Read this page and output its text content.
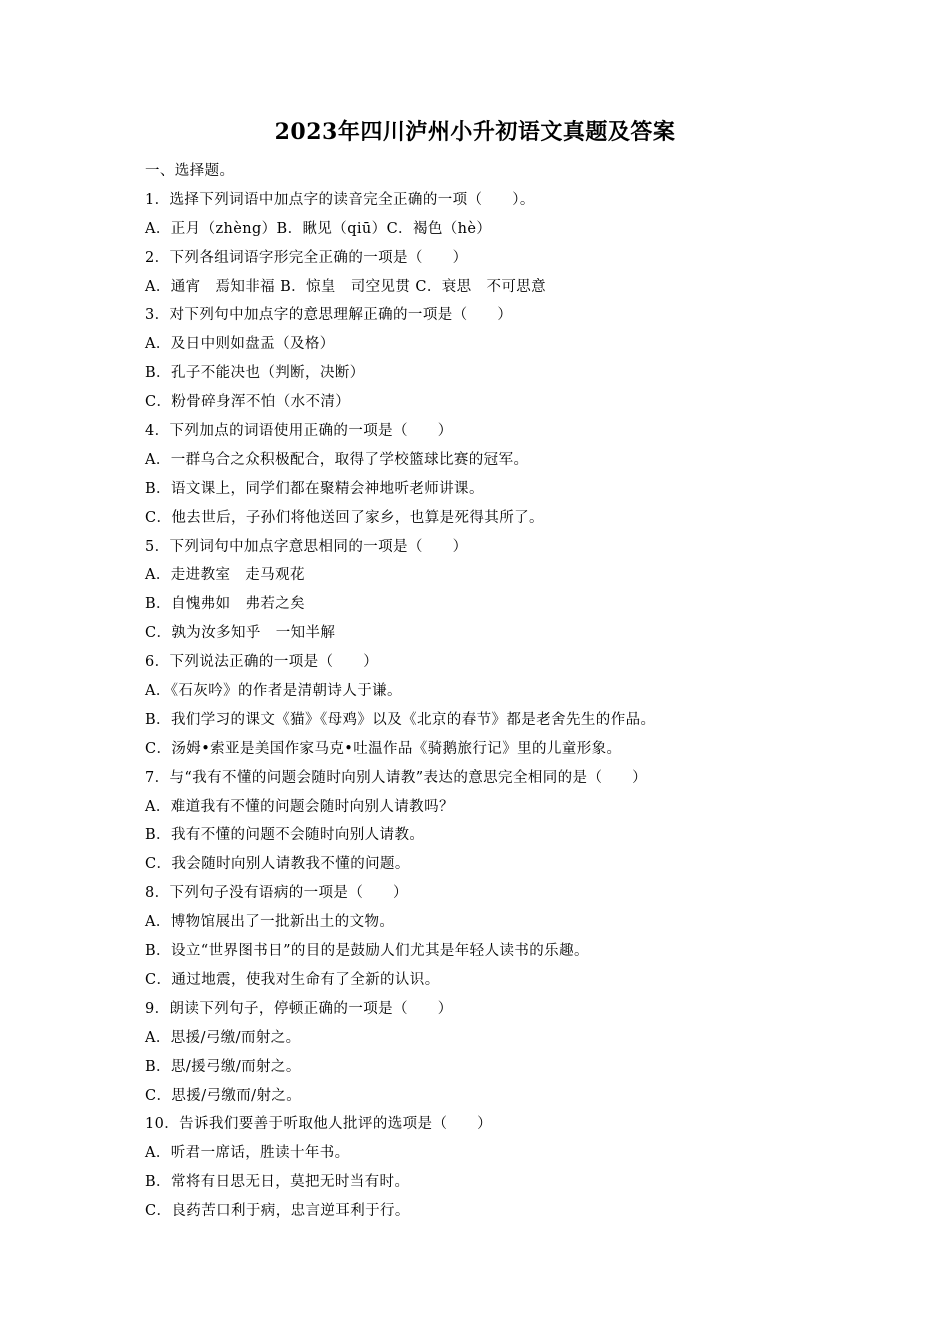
2023年四川泸州小升初语文真题及答案
一、选择题。
1．选择下列词语中加点字的读音完全正确的一项（　　）。
A．正月（zhèng）B．瞅见（qiū）C．褐色（hè）
2．下列各组词语字形完全正确的一项是（　　）
A．通宵　焉知非福 B．惊皇　司空见贯 C．衰思　不可思意
3．对下列句中加点字的意思理解正确的一项是（　　）
A．及日中则如盘盂（及格）
B．孔子不能决也（判断，决断）
C．粉骨碎身浑不怕（水不清）
4．下列加点的词语使用正确的一项是（　　）
A．一群乌合之众积极配合，取得了学校篮球比赛的冠军。
B．语文课上，同学们都在聚精会神地听老师讲课。
C．他去世后，子孙们将他送回了家乡，也算是死得其所了。
5．下列词句中加点字意思相同的一项是（　　）
A．走进教室　走马观花
B．自愧弗如　弗若之矣
C．孰为汝多知乎　一知半解
6．下列说法正确的一项是（　　）
A．《石灰吟》的作者是清朝诗人于谦。
B．我们学习的课文《猫》《母鸡》以及《北京的春节》都是老舍先生的作品。
C．汤姆•索亚是美国作家马克•吐温作品《骑鹅旅行记》里的儿童形象。
7．与“我有不懂的问题会随时向别人请教”表达的意思完全相同的是（　　）
A．难道我有不懂的问题会随时向别人请教吗？
B．我有不懂的问题不会随时向别人请教。
C．我会随时向别人请教我不懂的问题。
8．下列句子没有语病的一项是（　　）
A．博物馆展出了一批新出土的文物。
B．设立“世界图书日”的目的是鼓励人们尤其是年轻人读书的乐趣。
C．通过地震，使我对生命有了全新的认识。
9．朗读下列句子，停顿正确的一项是（　　）
A．思援/弓缴/而射之。
B．思/援弓缴/而射之。
C．思援/弓缴而/射之。
10．告诉我们要善于听取他人批评的选项是（　　）
A．听君一席话，胜读十年书。
B．常将有日思无日，莫把无时当有时。
C．良药苦口利于病，忠言逆耳利于行。
